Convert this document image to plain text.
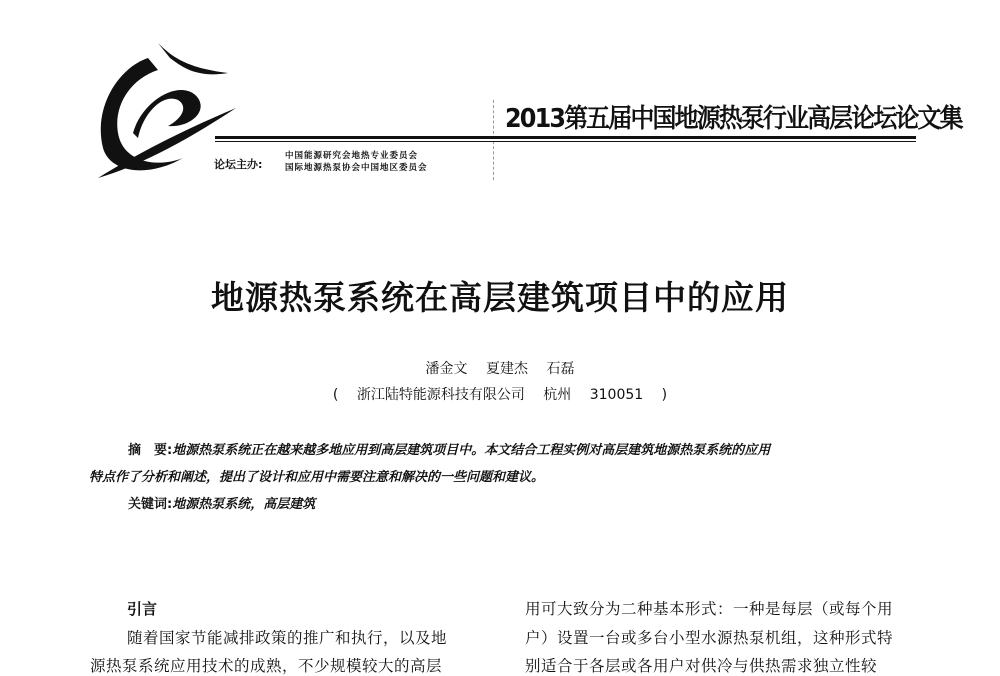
2013第五届中国地源热泵行业高层论坛论文集
论坛主办:
中国能源研究会地热专业委员会
国际地源热泵协会中国地区委员会
地源热泵系统在高层建筑项目中的应用
潘金文 夏建杰 石磊
( 浙江陆特能源科技有限公司 杭州 310051 )
摘　要:地源热泵系统正在越来越多地应用到高层建筑项目中。本文结合工程实例对高层建筑地源热泵系统的应用
特点作了分析和阐述，提出了设计和应用中需要注意和解决的一些问题和建议。
关键词:地源热泵系统，高层建筑
引言
随着国家节能减排政策的推广和执行，以及地
源热泵系统应用技术的成熟，不少规模较大的高层
用可大致分为二种基本形式：一种是每层（或每个用
户）设置一台或多台小型水源热泵机组，这种形式特
别适合于各层或各用户对供冷与供热需求独立性较
